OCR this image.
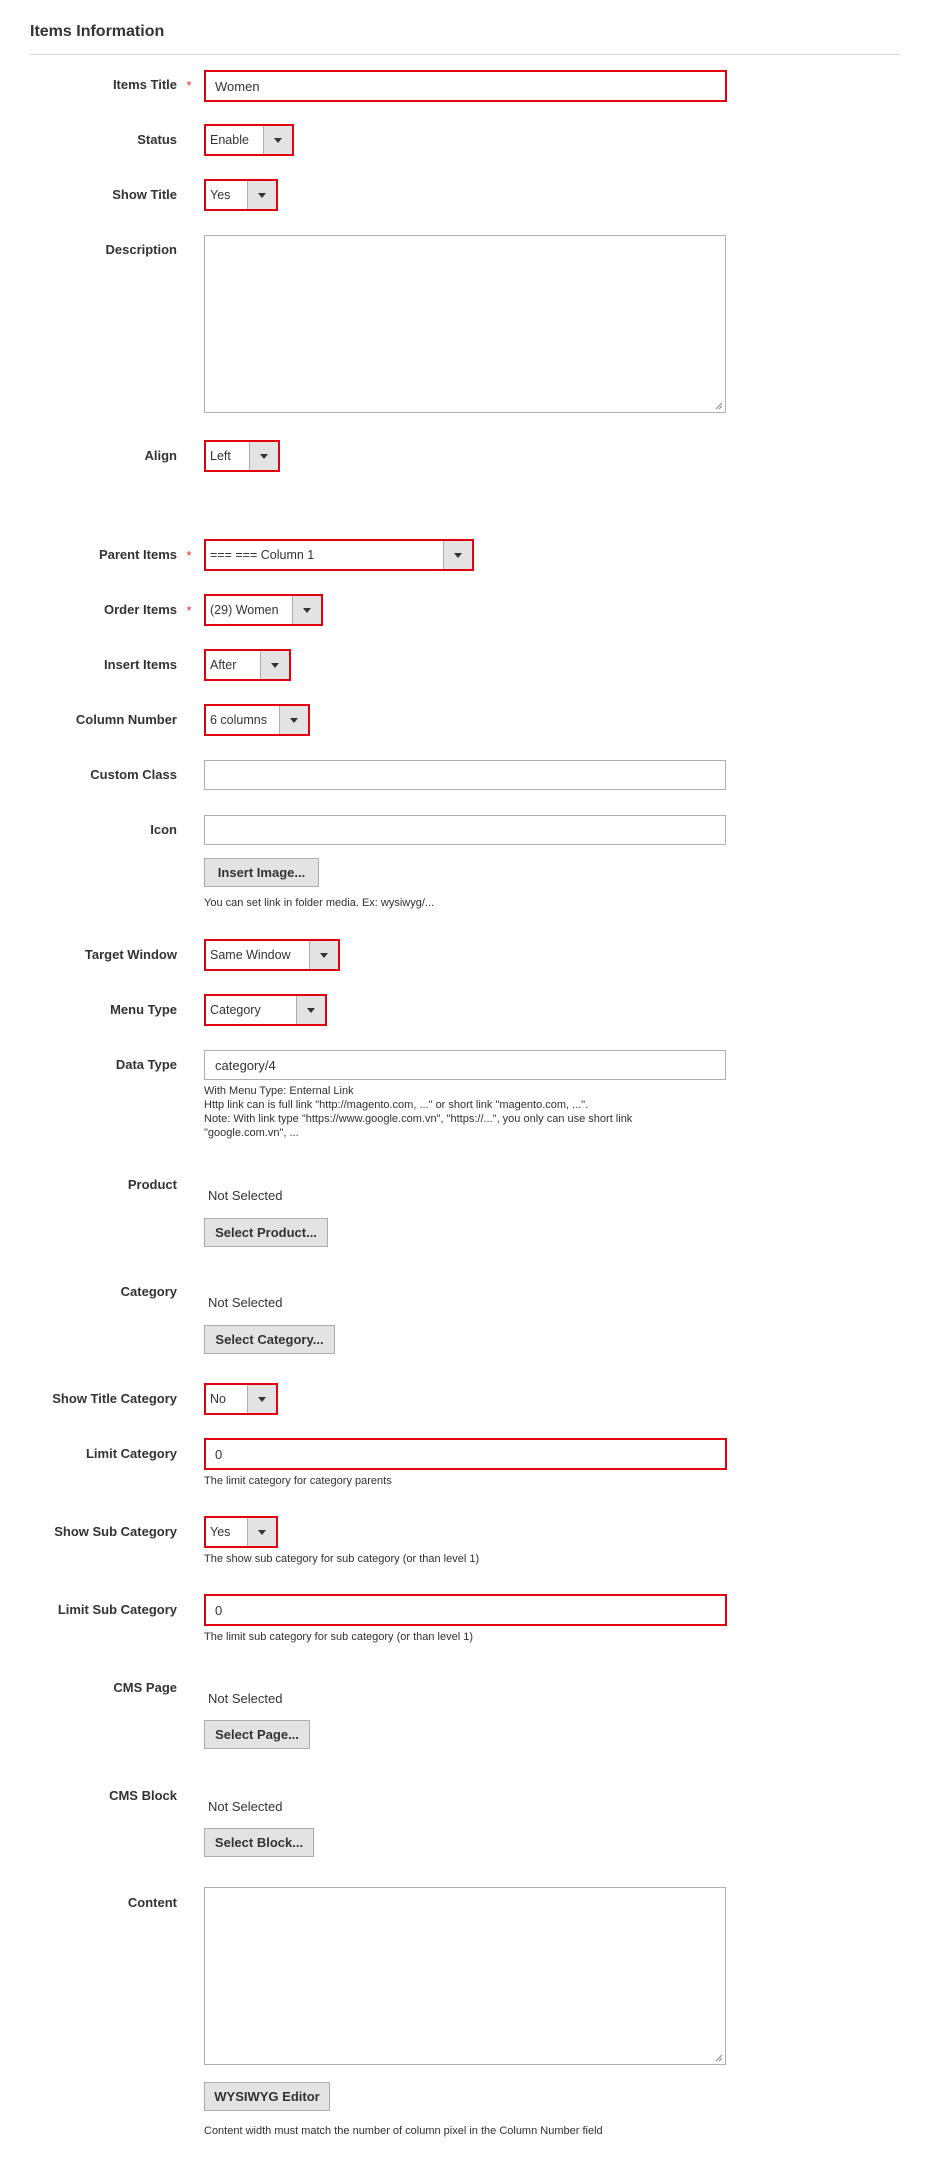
Items Information
Items Title *	Women
Status	Enable
Show Title	Yes
Description
Align	Left
Parent Items *	=== === Column 1
Order Items *	(29) Women
Insert Items	After
Column Number	6 columns
Custom Class
Icon
Insert Image...
You can set link in folder media. Ex: wysiwyg/...
Target Window	Same Window
Menu Type	Category
Data Type	category/4
With Menu Type: Enternal Link
Http link can is full link "http://magento.com, ..." or short link "magento.com, ...".
Note: With link type "https://www.google.com.vn", "https://...", you only can use short link
"google.com.vn", ...
Product
Not Selected
Select Product...
Category
Not Selected
Select Category...
Show Title Category	No
Limit Category	0
The limit category for category parents
Show Sub Category	Yes
The show sub category for sub category (or than level 1)
Limit Sub Category	0
The limit sub category for sub category (or than level 1)
CMS Page
Not Selected
Select Page...
CMS Block
Not Selected
Select Block...
Content
WYSIWYG Editor
Content width must match the number of column pixel in the Column Number field
